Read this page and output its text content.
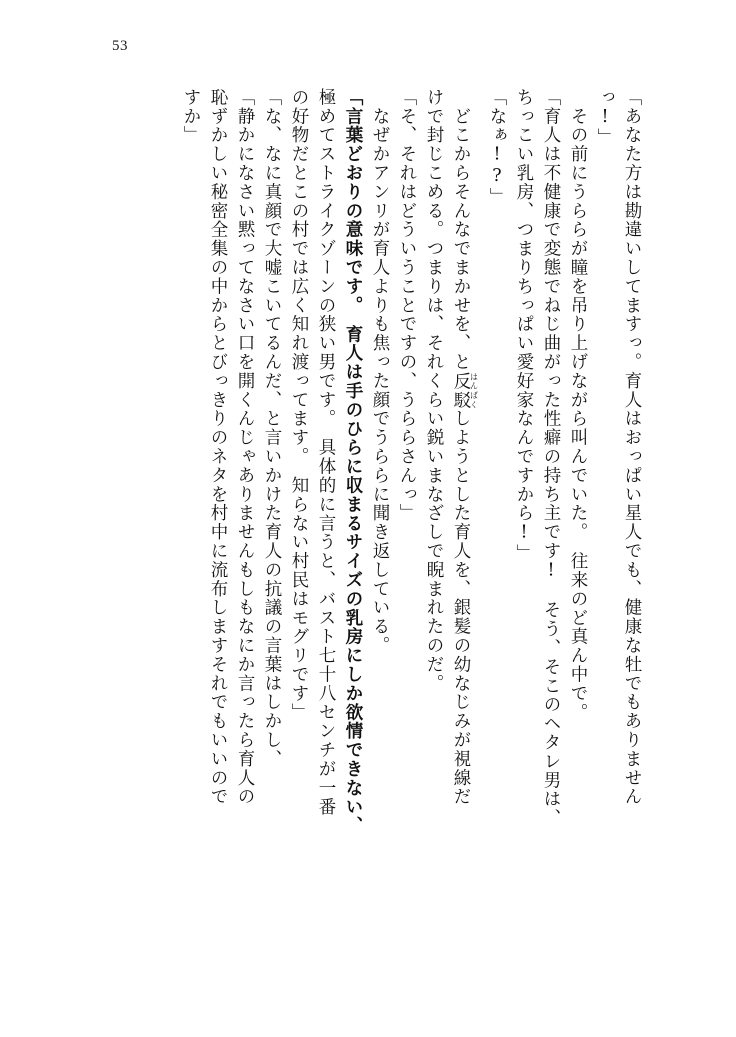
53
「あなた方は勘違いしてますっ。育人はおっぱい星人でも、健康な牡でもありません
っ!」
　その前にうららが瞳を吊り上げながら叫んでいた。　往来のど真ん中で。
「育人は不健康で変態でねじ曲がった性癖の持ち主です!　そう、そこのヘタレ男は、
ちっこい乳房、つまりちっぱい愛好家なんですから!」
「なぁ!?」
　どこからそんなでまかせを、と反駁はんばくしようとした育人を、銀髪の幼なじみが視線だ
けで封じこめる。つまりは、それくらい鋭いまなざしで睨まれたのだ。
「そ、それはどういうことですの、うららさんっ」
　なぜかアンリが育人よりも焦った顔でうららに聞き返している。
「言葉どおりの意味です。　育人は手のひらに収まるサイズの乳房にしか欲情できない、
極めてストライクゾーンの狭い男です。　具体的に言うと、バスト七十八センチが一番
の好物だとこの村では広く知れ渡ってます。　知らない村民はモグリです」
「な、なに真顔で大嘘こいてるんだ、と言いかけた育人の抗議の言葉はしかし、
「静かになさい黙ってなさい口を開くんじゃありませんもしもなにか言ったら育人の
恥ずかしい秘密全集の中からとびっきりのネタを村中に流布しますそれでもいいので
すか」
